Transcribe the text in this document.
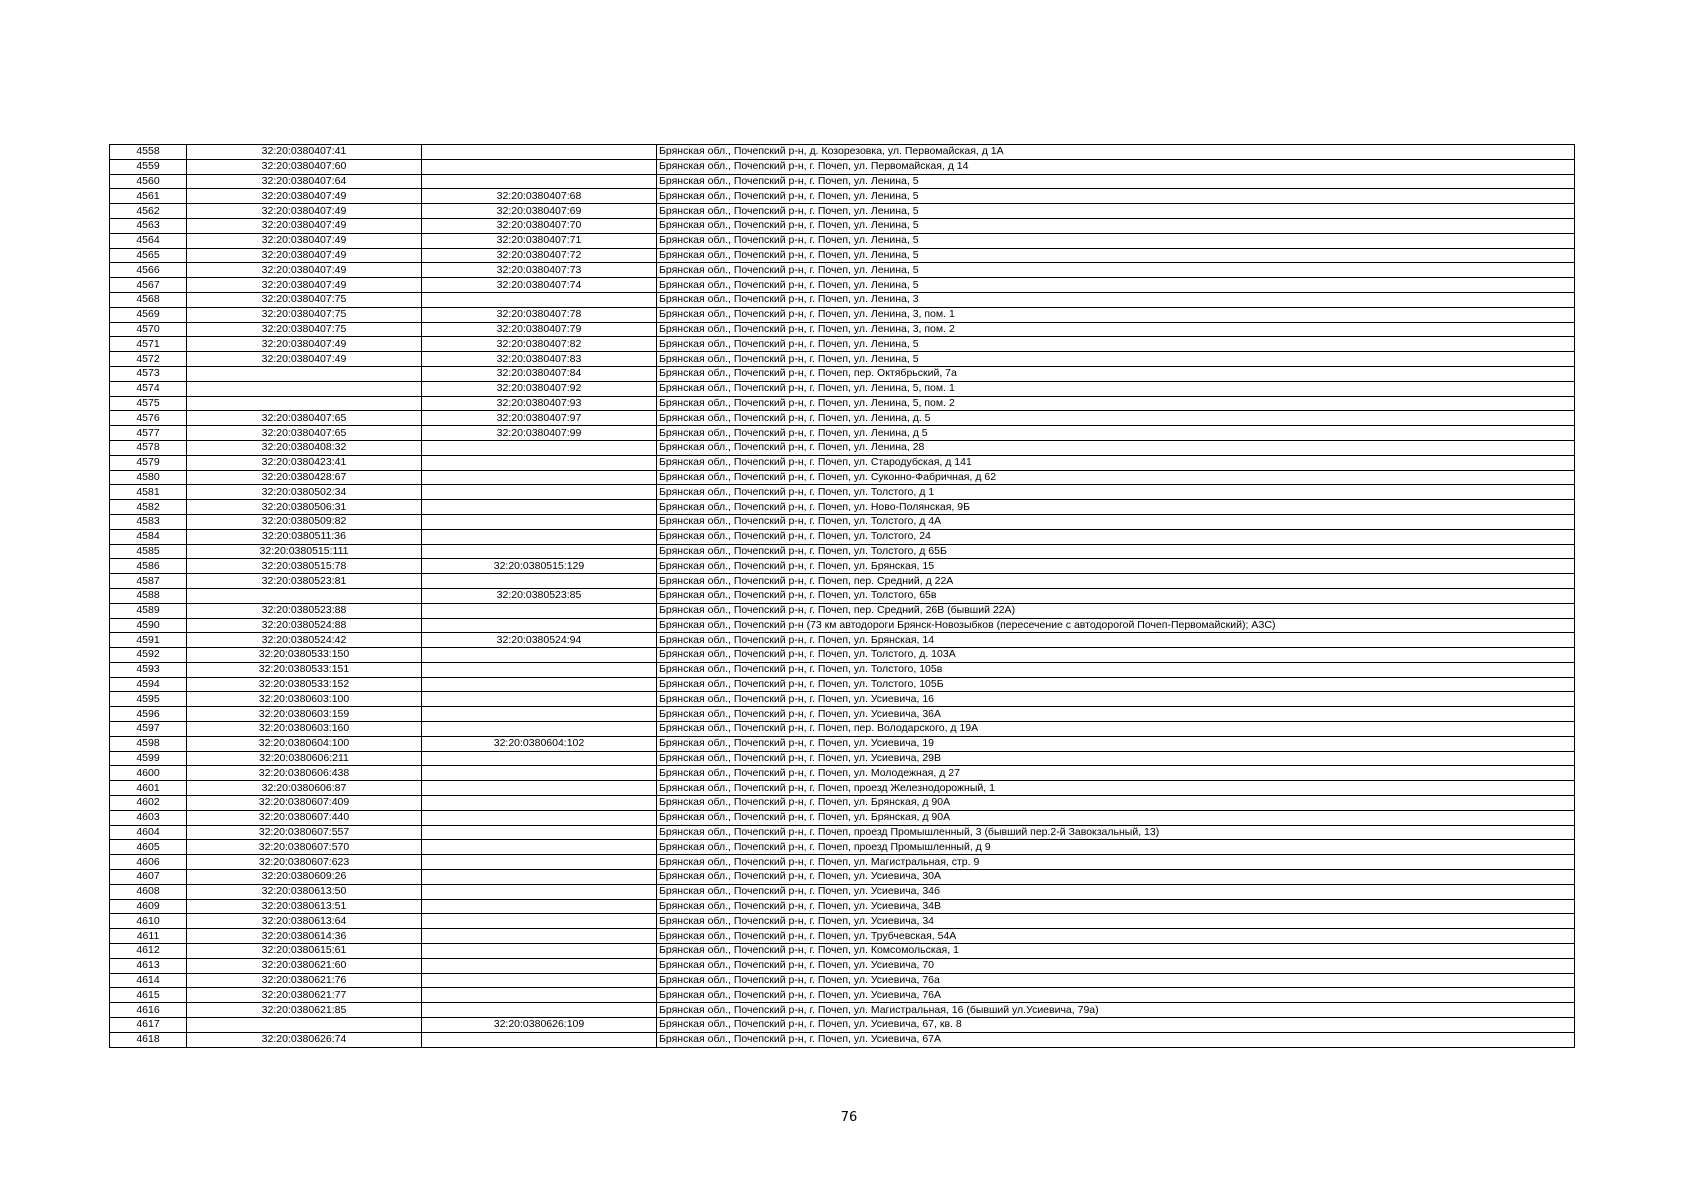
4558	32:20:0380407:41		Брянская обл., Почепский р-н, д. Козорезовка, ул. Первомайская, д 1А
4559	32:20:0380407:60		Брянская обл., Почепский р-н, г. Почеп, ул. Первомайская, д 14
4560	32:20:0380407:64		Брянская обл., Почепский р-н, г. Почеп, ул. Ленина, 5
4561	32:20:0380407:49	32:20:0380407:68	Брянская обл., Почепский р-н, г. Почеп, ул. Ленина, 5
4562	32:20:0380407:49	32:20:0380407:69	Брянская обл., Почепский р-н, г. Почеп, ул. Ленина, 5
4563	32:20:0380407:49	32:20:0380407:70	Брянская обл., Почепский р-н, г. Почеп, ул. Ленина, 5
4564	32:20:0380407:49	32:20:0380407:71	Брянская обл., Почепский р-н, г. Почеп, ул. Ленина, 5
4565	32:20:0380407:49	32:20:0380407:72	Брянская обл., Почепский р-н, г. Почеп, ул. Ленина, 5
4566	32:20:0380407:49	32:20:0380407:73	Брянская обл., Почепский р-н, г. Почеп, ул. Ленина, 5
4567	32:20:0380407:49	32:20:0380407:74	Брянская обл., Почепский р-н, г. Почеп, ул. Ленина, 5
4568	32:20:0380407:75		Брянская обл., Почепский р-н, г. Почеп, ул. Ленина, 3
4569	32:20:0380407:75	32:20:0380407:78	Брянская обл., Почепский р-н, г. Почеп, ул. Ленина, 3, пом. 1
4570	32:20:0380407:75	32:20:0380407:79	Брянская обл., Почепский р-н, г. Почеп, ул. Ленина, 3, пом. 2
4571	32:20:0380407:49	32:20:0380407:82	Брянская обл., Почепский р-н, г. Почеп, ул. Ленина, 5
4572	32:20:0380407:49	32:20:0380407:83	Брянская обл., Почепский р-н, г. Почеп, ул. Ленина, 5
4573		32:20:0380407:84	Брянская обл., Почепский р-н, г. Почеп, пер. Октябрьский, 7а
4574		32:20:0380407:92	Брянская обл., Почепский р-н, г. Почеп, ул. Ленина, 5, пом. 1
4575		32:20:0380407:93	Брянская обл., Почепский р-н, г. Почеп, ул. Ленина, 5, пом. 2
4576	32:20:0380407:65	32:20:0380407:97	Брянская обл., Почепский р-н, г. Почеп, ул. Ленина, д. 5
4577	32:20:0380407:65	32:20:0380407:99	Брянская обл., Почепский р-н, г. Почеп, ул. Ленина, д 5
4578	32:20:0380408:32		Брянская обл., Почепский р-н, г. Почеп, ул. Ленина, 28
4579	32:20:0380423:41		Брянская обл., Почепский р-н, г. Почеп, ул. Стародубская, д 141
4580	32:20:0380428:67		Брянская обл., Почепский р-н, г. Почеп, ул. Суконно-Фабричная, д 62
4581	32:20:0380502:34		Брянская обл., Почепский р-н, г. Почеп, ул. Толстого, д 1
4582	32:20:0380506:31		Брянская обл., Почепский р-н, г. Почеп, ул. Ново-Полянская, 9Б
4583	32:20:0380509:82		Брянская обл., Почепский р-н, г. Почеп, ул. Толстого, д 4А
4584	32:20:0380511:36		Брянская обл., Почепский р-н, г. Почеп, ул. Толстого, 24
4585	32:20:0380515:111		Брянская обл., Почепский р-н, г. Почеп, ул. Толстого, д 65Б
4586	32:20:0380515:78	32:20:0380515:129	Брянская обл., Почепский р-н, г. Почеп, ул. Брянская, 15
4587	32:20:0380523:81		Брянская обл., Почепский р-н, г. Почеп, пер. Средний, д 22А
4588		32:20:0380523:85	Брянская обл., Почепский р-н, г. Почеп, ул. Толстого, 65в
4589	32:20:0380523:88		Брянская обл., Почепский р-н, г. Почеп, пер. Средний, 26В (бывший 22А)
4590	32:20:0380524:88		Брянская обл., Почепский р-н (73 км автодороги Брянск-Новозыбков (пересечение с автодорогой Почеп-Первомайский); АЗС)
4591	32:20:0380524:42	32:20:0380524:94	Брянская обл., Почепский р-н, г. Почеп, ул. Брянская, 14
4592	32:20:0380533:150		Брянская обл., Почепский р-н, г. Почеп, ул. Толстого, д. 103А
4593	32:20:0380533:151		Брянская обл., Почепский р-н, г. Почеп, ул. Толстого, 105в
4594	32:20:0380533:152		Брянская обл., Почепский р-н, г. Почеп, ул. Толстого, 105Б
4595	32:20:0380603:100		Брянская обл., Почепский р-н, г. Почеп, ул. Усиевича, 16
4596	32:20:0380603:159		Брянская обл., Почепский р-н, г. Почеп, ул. Усиевича, 36А
4597	32:20:0380603:160		Брянская обл., Почепский р-н, г. Почеп, пер. Володарского, д 19А
4598	32:20:0380604:100	32:20:0380604:102	Брянская обл., Почепский р-н, г. Почеп, ул. Усиевича, 19
4599	32:20:0380606:211		Брянская обл., Почепский р-н, г. Почеп, ул. Усиевича, 29В
4600	32:20:0380606:438		Брянская обл., Почепский р-н, г. Почеп, ул. Молодежная, д 27
4601	32:20:0380606:87		Брянская обл., Почепский р-н, г. Почеп, проезд Железнодорожный, 1
4602	32:20:0380607:409		Брянская обл., Почепский р-н, г. Почеп, ул. Брянская, д 90А
4603	32:20:0380607:440		Брянская обл., Почепский р-н, г. Почеп, ул. Брянская, д 90А
4604	32:20:0380607:557		Брянская обл., Почепский р-н, г. Почеп, проезд Промышленный, 3 (бывший пер.2-й Завокзальный, 13)
4605	32:20:0380607:570		Брянская обл., Почепский р-н, г. Почеп, проезд Промышленный, д 9
4606	32:20:0380607:623		Брянская обл., Почепский р-н, г. Почеп, ул. Магистральная, стр. 9
4607	32:20:0380609:26		Брянская обл., Почепский р-н, г. Почеп, ул. Усиевича, 30А
4608	32:20:0380613:50		Брянская обл., Почепский р-н, г. Почеп, ул. Усиевича, 34б
4609	32:20:0380613:51		Брянская обл., Почепский р-н, г. Почеп, ул. Усиевича, 34В
4610	32:20:0380613:64		Брянская обл., Почепский р-н, г. Почеп, ул. Усиевича, 34
4611	32:20:0380614:36		Брянская обл., Почепский р-н, г. Почеп, ул. Трубчевская, 54А
4612	32:20:0380615:61		Брянская обл., Почепский р-н, г. Почеп, ул. Комсомольская, 1
4613	32:20:0380621:60		Брянская обл., Почепский р-н, г. Почеп, ул. Усиевича, 70
4614	32:20:0380621:76		Брянская обл., Почепский р-н, г. Почеп, ул. Усиевича, 76а
4615	32:20:0380621:77		Брянская обл., Почепский р-н, г. Почеп, ул. Усиевича, 76А
4616	32:20:0380621:85		Брянская обл., Почепский р-н, г. Почеп, ул. Магистральная, 16 (бывший ул.Усиевича, 79а)
4617		32:20:0380626:109	Брянская обл., Почепский р-н, г. Почеп, ул. Усиевича, 67, кв. 8
4618	32:20:0380626:74		Брянская обл., Почепский р-н, г. Почеп, ул. Усиевича, 67А
76
